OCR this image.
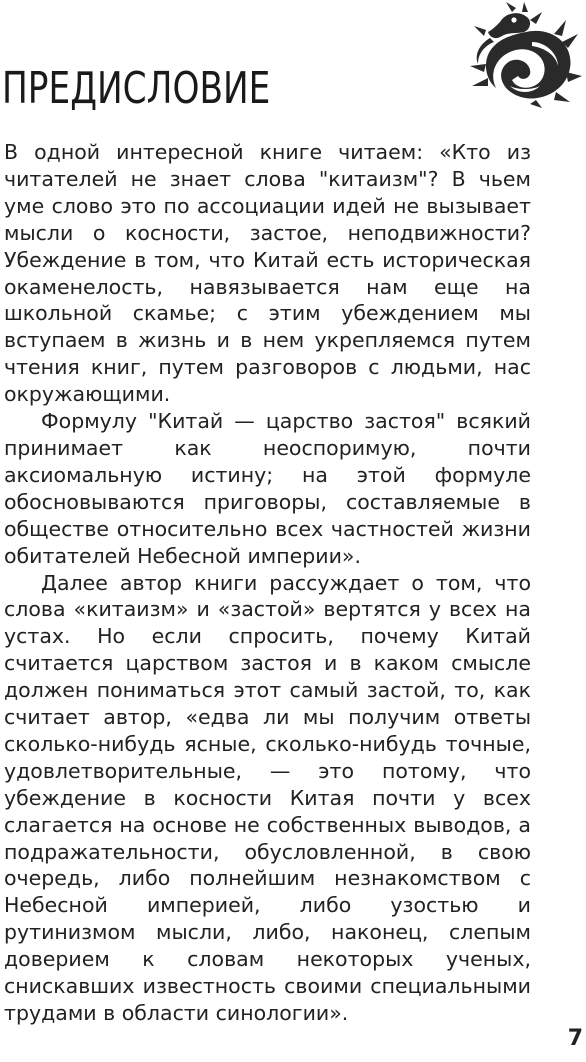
ПРЕДИСЛОВИЕ

В одной интересной книге читаем: «Кто из читателей не знает слова "китаизм"? В чьем уме слово это по ассоциации идей не вызывает мысли о косности, застое, неподвижности? Убеждение в том, что Китай есть историческая окаменелость, навязывается нам еще на школьной скамье; с этим убеждением мы вступаем в жизнь и в нем укрепляемся путем чтения книг, путем разговоров с людьми, нас окружающими.

Формулу "Китай — царство застоя" всякий принимает как неоспоримую, почти аксиомальную истину; на этой формуле обосновываются приговоры, составляемые в обществе относительно всех частностей жизни обитателей Небесной империи».

Далее автор книги рассуждает о том, что слова «китаизм» и «застой» вертятся у всех на устах. Но если спросить, почему Китай считается царством застоя и в каком смысле должен пониматься этот самый застой, то, как считает автор, «едва ли мы получим ответы сколько-нибудь ясные, сколько-нибудь точные, удовлетворительные, — это потому, что убеждение в косности Китая почти у всех слагается на основе не собственных выводов, а подражательности, обусловленной, в свою очередь, либо полнейшим незнакомством с Небесной империей, либо узостью и рутинизмом мысли, либо, наконец, слепым доверием к словам некоторых ученых, снискавших известность своими специальными трудами в области синологии».

7
